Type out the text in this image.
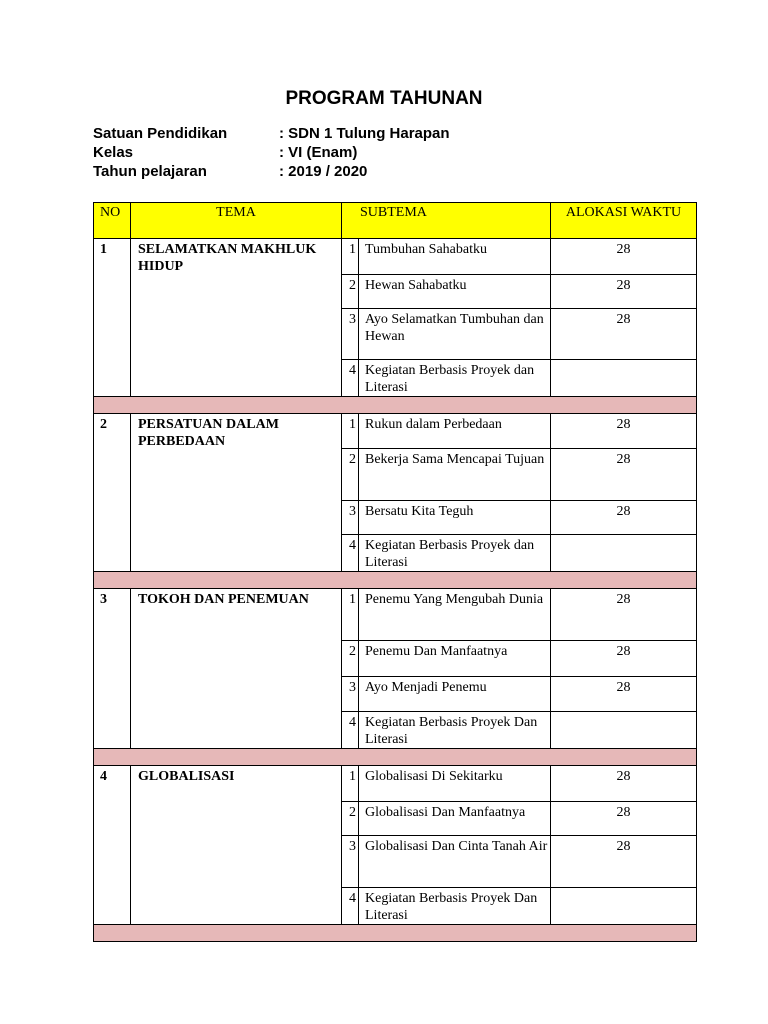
PROGRAM TAHUNAN
Satuan Pendidikan	: SDN 1 Tulung Harapan
Kelas	: VI (Enam)
Tahun pelajaran	: 2019 / 2020
NO	TEMA	SUBTEMA		ALOKASI WAKTU
1	SELAMATKAN MAKHLUK HIDUP	1	Tumbuhan Sahabatku	28
		2	Hewan Sahabatku	28
		3	Ayo Selamatkan Tumbuhan dan Hewan	28
		4	Kegiatan Berbasis Proyek dan Literasi	

2	PERSATUAN DALAM PERBEDAAN	1	Rukun dalam Perbedaan	28
		2	Bekerja Sama Mencapai Tujuan	28
		3	Bersatu Kita Teguh	28
		4	Kegiatan Berbasis Proyek dan Literasi	

3	TOKOH DAN PENEMUAN	1	Penemu Yang Mengubah Dunia	28
		2	Penemu Dan Manfaatnya	28
		3	Ayo Menjadi Penemu	28
		4	Kegiatan Berbasis Proyek Dan Literasi	

4	GLOBALISASI	1	Globalisasi Di Sekitarku	28
		2	Globalisasi Dan Manfaatnya	28
		3	Globalisasi Dan Cinta Tanah Air	28
		4	Kegiatan Berbasis Proyek Dan Literasi	
